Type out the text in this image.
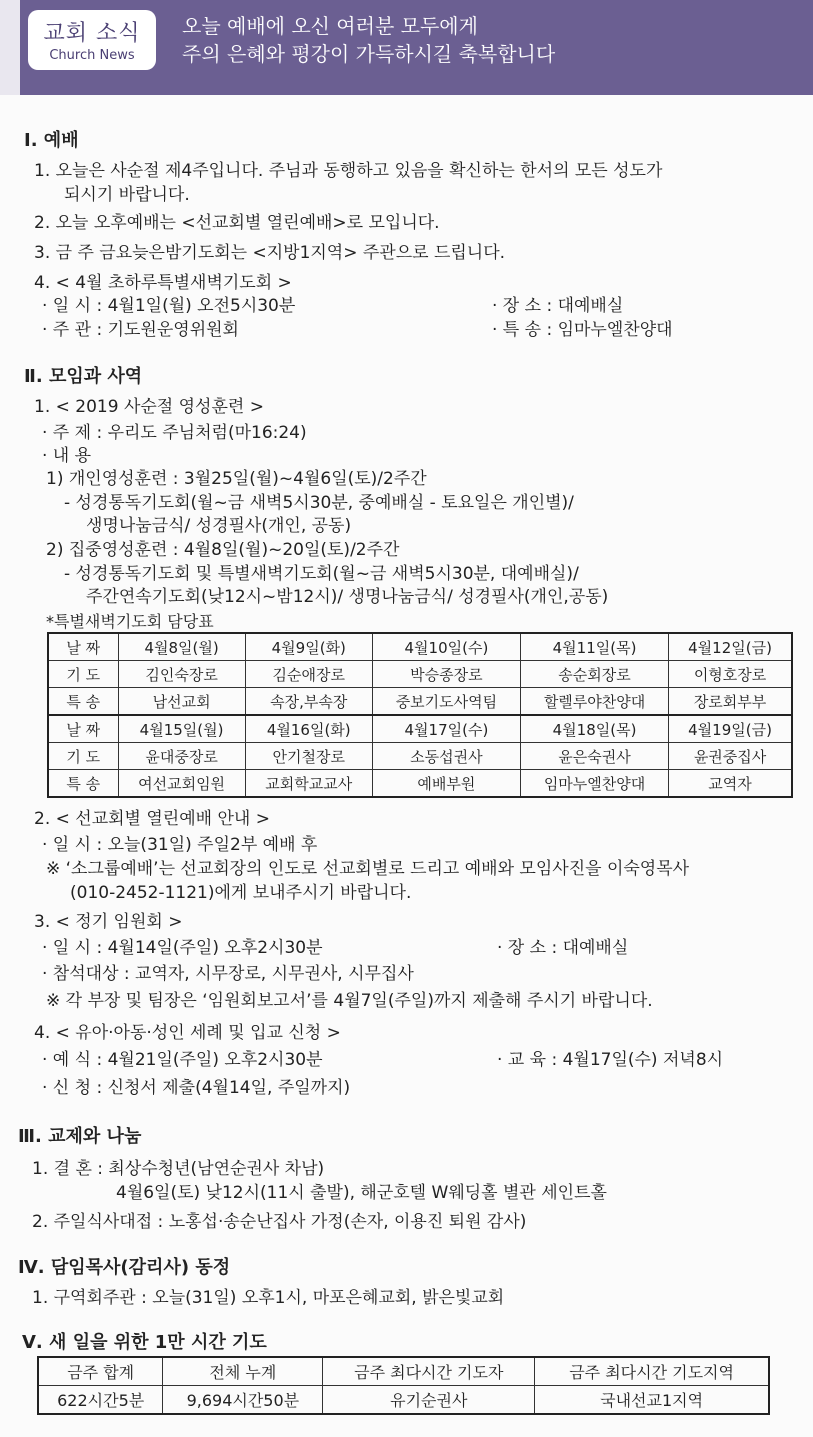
교회 소식
Church News
오늘 예배에 오신 여러분 모두에게
주의 은혜와 평강이 가득하시길 축복합니다
Ⅰ. 예배
1. 오늘은 사순절 제4주입니다. 주님과 동행하고 있음을 확신하는 한서의 모든 성도가
되시기 바랍니다.
2. 오늘 오후예배는 <선교회별 열린예배>로 모입니다.
3. 금 주 금요늦은밤기도회는 <지방1지역> 주관으로 드립니다.
4. < 4월 초하루특별새벽기도회 >
· 일 시 : 4월1일(월) 오전5시30분	· 장 소 : 대예배실
· 주 관 : 기도원운영위원회	· 특 송 : 임마누엘찬양대
Ⅱ. 모임과 사역
1. < 2019 사순절 영성훈련 >
· 주 제 : 우리도 주님처럼(마16:24)
· 내 용
1) 개인영성훈련 : 3월25일(월)~4월6일(토)/2주간
- 성경통독기도회(월~금 새벽5시30분, 중예배실 - 토요일은 개인별)/
생명나눔금식/ 성경필사(개인, 공동)
2) 집중영성훈련 : 4월8일(월)~20일(토)/2주간
- 성경통독기도회 및 특별새벽기도회(월~금 새벽5시30분, 대예배실)/
주간연속기도회(낮12시~밤12시)/ 생명나눔금식/ 성경필사(개인,공동)
*특별새벽기도회 담당표
날 짜	4월8일(월)	4월9일(화)	4월10일(수)	4월11일(목)	4월12일(금)
기 도	김인숙장로	김순애장로	박승종장로	송순회장로	이형호장로
특 송	남선교회	속장,부속장	중보기도사역팀	할렐루야찬양대	장로회부부
날 짜	4월15일(월)	4월16일(화)	4월17일(수)	4월18일(목)	4월19일(금)
기 도	윤대중장로	안기철장로	소동섭권사	윤은숙권사	윤권중집사
특 송	여선교회임원	교회학교교사	예배부원	임마누엘찬양대	교역자
2. < 선교회별 열린예배 안내 >
· 일 시 : 오늘(31일) 주일2부 예배 후
※ ‘소그룹예배’는 선교회장의 인도로 선교회별로 드리고 예배와 모임사진을 이숙영목사
(010-2452-1121)에게 보내주시기 바랍니다.
3. < 정기 임원회 >
· 일 시 : 4월14일(주일) 오후2시30분	· 장 소 : 대예배실
· 참석대상 : 교역자, 시무장로, 시무권사, 시무집사
※ 각 부장 및 팀장은 ‘임원회보고서’를 4월7일(주일)까지 제출해 주시기 바랍니다.
4. < 유아·아동·성인 세례 및 입교 신청 >
· 예 식 : 4월21일(주일) 오후2시30분	· 교 육 : 4월17일(수) 저녁8시
· 신 청 : 신청서 제출(4월14일, 주일까지)
Ⅲ. 교제와 나눔
1. 결 혼 : 최상수청년(남연순권사 차남)
4월6일(토) 낮12시(11시 출발), 해군호텔 W웨딩홀 별관 세인트홀
2. 주일식사대접 : 노홍섭·송순난집사 가정(손자, 이용진 퇴원 감사)
Ⅳ. 담임목사(감리사) 동정
1. 구역회주관 : 오늘(31일) 오후1시, 마포은혜교회, 밝은빛교회
Ⅴ. 새 일을 위한 1만 시간 기도
금주 합계	전체 누계	금주 최다시간 기도자	금주 최다시간 기도지역
622시간5분	9,694시간50분	유기순권사	국내선교1지역
